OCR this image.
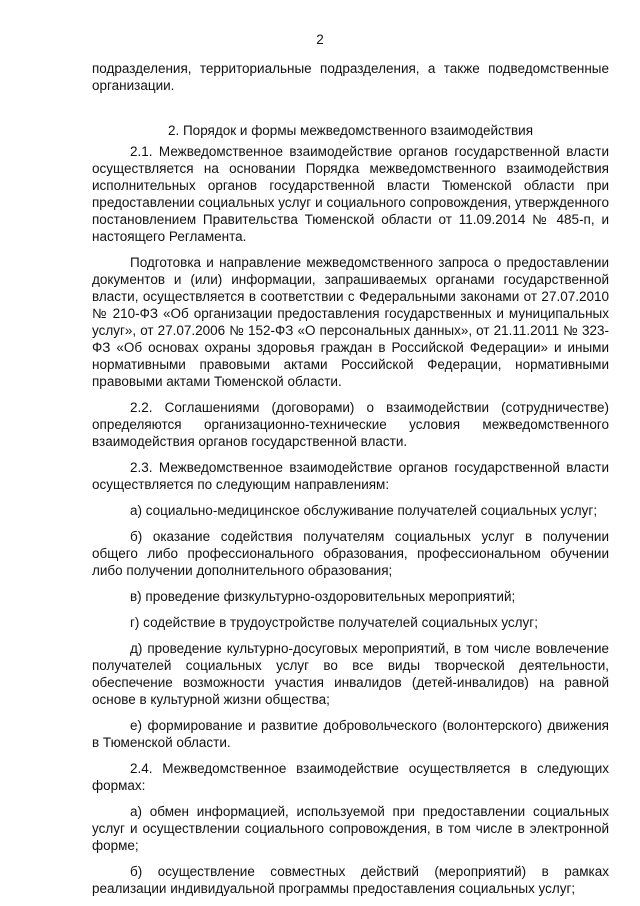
2

подразделения, территориальные подразделения, а также подведомственные организации.

2. Порядок и формы межведомственного взаимодействия

2.1. Межведомственное взаимодействие органов государственной власти осуществляется на основании Порядка межведомственного взаимодействия исполнительных органов государственной власти Тюменской области при предоставлении социальных услуг и социального сопровождения, утвержденного постановлением Правительства Тюменской области от 11.09.2014 № 485-п, и настоящего Регламента.

Подготовка и направление межведомственного запроса о предоставлении документов и (или) информации, запрашиваемых органами государственной власти, осуществляется в соответствии с Федеральными законами от 27.07.2010 № 210-ФЗ «Об организации предоставления государственных и муниципальных услуг», от 27.07.2006 № 152-ФЗ «О персональных данных», от 21.11.2011 № 323-ФЗ «Об основах охраны здоровья граждан в Российской Федерации» и иными нормативными правовыми актами Российской Федерации, нормативными правовыми актами Тюменской области.

2.2. Соглашениями (договорами) о взаимодействии (сотрудничестве) определяются организационно-технические условия межведомственного взаимодействия органов государственной власти.

2.3. Межведомственное взаимодействие органов государственной власти осуществляется по следующим направлениям:

а) социально-медицинское обслуживание получателей социальных услуг;

б) оказание содействия получателям социальных услуг в получении общего либо профессионального образования, профессиональном обучении либо получении дополнительного образования;

в) проведение физкультурно-оздоровительных мероприятий;

г) содействие в трудоустройстве получателей социальных услуг;

д) проведение культурно-досуговых мероприятий, в том числе вовлечение получателей социальных услуг во все виды творческой деятельности, обеспечение возможности участия инвалидов (детей-инвалидов) на равной основе в культурной жизни общества;

е) формирование и развитие добровольческого (волонтерского) движения в Тюменской области.

2.4. Межведомственное взаимодействие осуществляется в следующих формах:

а) обмен информацией, используемой при предоставлении социальных услуг и осуществлении социального сопровождения, в том числе в электронной форме;

б) осуществление совместных действий (мероприятий) в рамках реализации индивидуальной программы предоставления социальных услуг;
